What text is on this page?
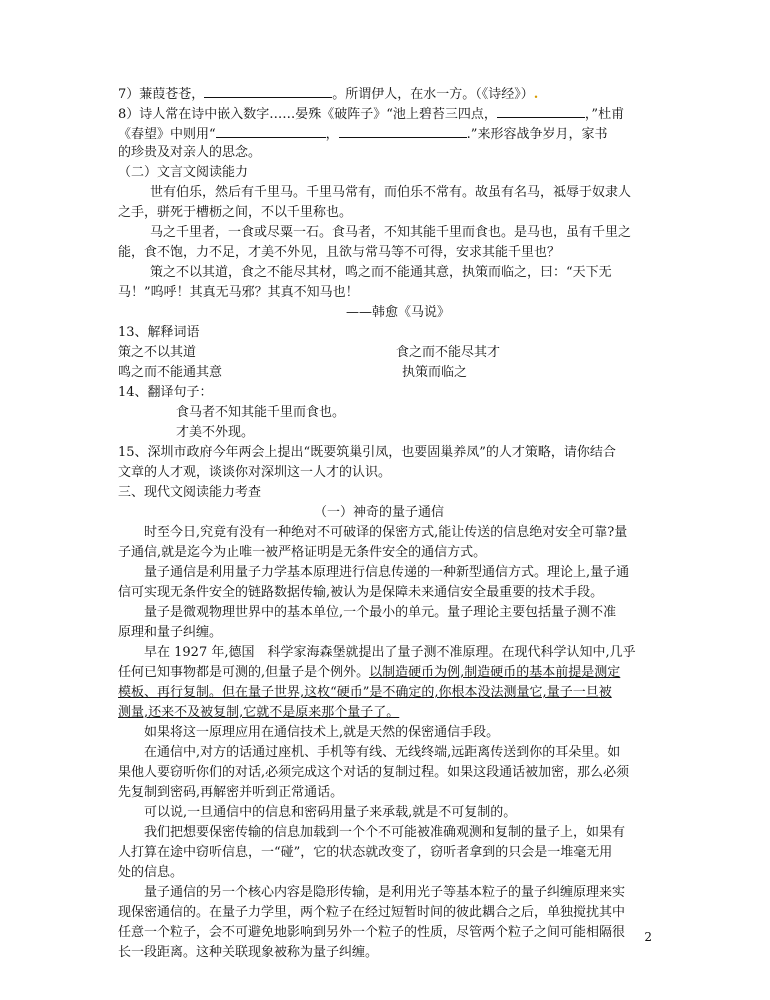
7）蒹葭苍苍，	。所谓伊人，在水一方。（《诗经》）.
8）诗人常在诗中嵌入数字……晏殊《破阵子》“池上碧苔三四点，	，”杜甫
《春望》中则用“	，	.”来形容战争岁月，家书
的珍贵及对亲人的思念。
（二）文言文阅读能力
世有伯乐，然后有千里马。千里马常有，而伯乐不常有。故虽有名马，祗辱于奴隶人
之手，骈死于槽枥之间，不以千里称也。
马之千里者，一食或尽粟一石。食马者，不知其能千里而食也。是马也，虽有千里之
能，食不饱，力不足，才美不外见，且欲与常马等不可得，安求其能千里也？
策之不以其道，食之不能尽其材，鸣之而不能通其意，执策而临之，曰：“天下无
马！”呜呼！其真无马邪？其真不知马也！
——韩愈《马说》
13、解释词语
策之不以其道	食之而不能尽其才
鸣之而不能通其意	执策而临之
14、翻译句子：
食马者不知其能千里而食也。
才美不外现。
15、深圳市政府今年两会上提出“既要筑巢引凤，也要固巢养凤”的人才策略，请你结合
文章的人才观，谈谈你对深圳这一人才的认识。
三、现代文阅读能力考查
（一）神奇的量子通信
时至今日,究竟有没有一种绝对不可破译的保密方式,能让传送的信息绝对安全可靠?量
子通信,就是迄今为止唯一被严格证明是无条件安全的通信方式。
量子通信是利用量子力学基本原理进行信息传递的一种新型通信方式。理论上,量子通
信可实现无条件安全的链路数据传输,被认为是保障未来通信安全最重要的技术手段。
量子是微观物理世界中的基本单位,一个最小的单元。量子理论主要包括量子测不准
原理和量子纠缠。
早在 1927 年,德国　科学家海森堡就提出了量子测不准原理。在现代科学认知中,几乎
任何已知事物都是可测的,但量子是个例外。以制造硬币为例,制造硬币的基本前提是测定
模板、再行复制。但在量子世界,这枚“硬币”是不确定的,你根本没法测量它,量子一旦被
测量,还来不及被复制,它就不是原来那个量子了。
如果将这一原理应用在通信技术上,就是天然的保密通信手段。
在通信中,对方的话通过座机、手机等有线、无线终端,远距离传送到你的耳朵里。如
果他人要窃听你们的对话,必须完成这个对话的复制过程。如果这段通话被加密，那么必须
先复制到密码,再解密并听到正常通话。
可以说,一旦通信中的信息和密码用量子来承载,就是不可复制的。
我们把想要保密传输的信息加载到一个个不可能被准确观测和复制的量子上，如果有
人打算在途中窃听信息，一“碰”，它的状态就改变了，窃听者拿到的只会是一堆毫无用
处的信息。
量子通信的另一个核心内容是隐形传输，是利用光子等基本粒子的量子纠缠原理来实
现保密通信的。在量子力学里，两个粒子在经过短暂时间的彼此耦合之后，单独搅扰其中
任意一个粒子，会不可避免地影响到另外一个粒子的性质，尽管两个粒子之间可能相隔很
长一段距离。这种关联现象被称为量子纠缠。
2
